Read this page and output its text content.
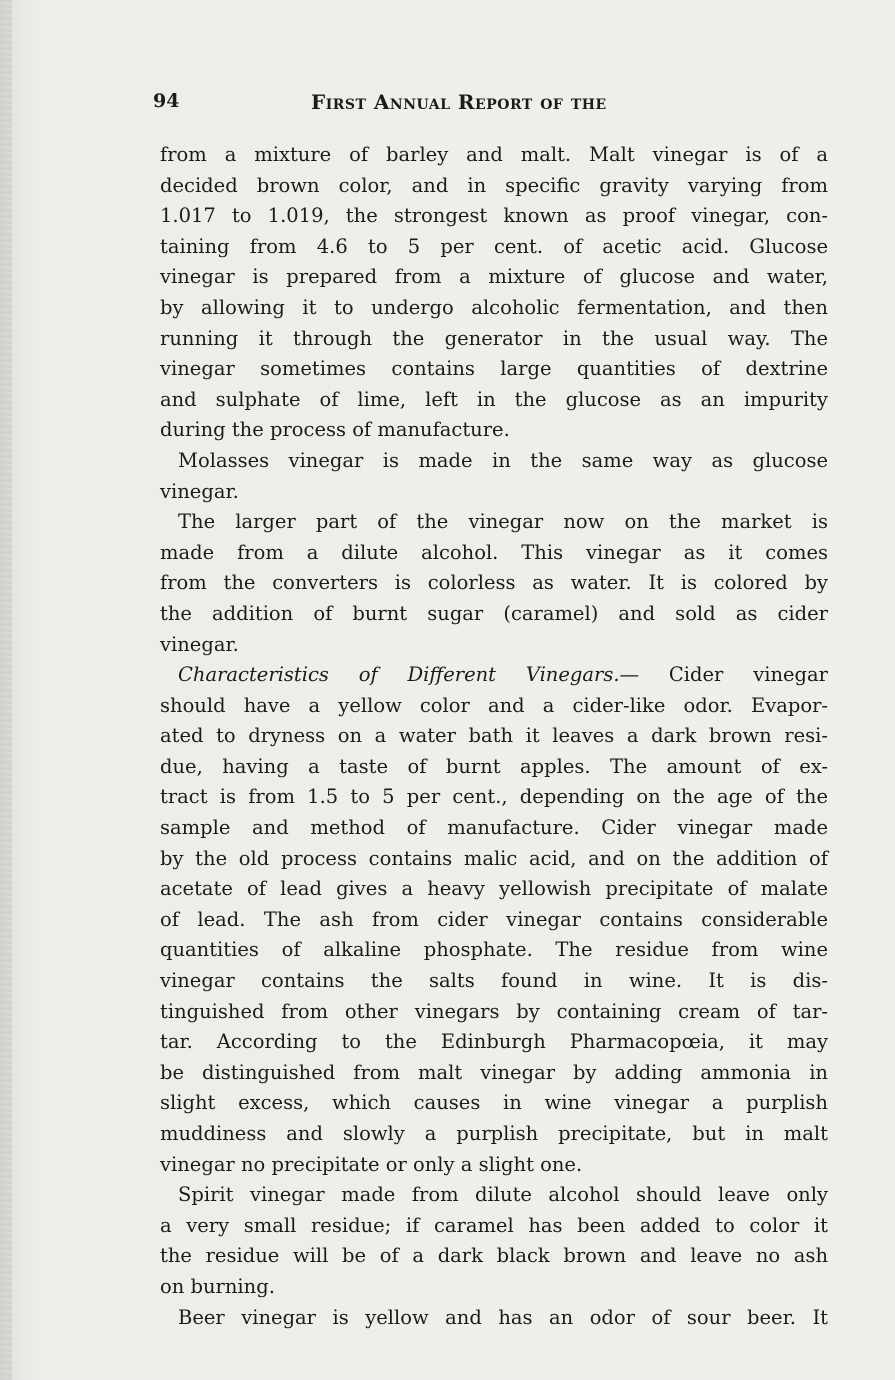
94	First Annual Report of the
from a mixture of barley and malt. Malt vinegar is of a
decided brown color, and in specific gravity varying from
1.017 to 1.019, the strongest known as proof vinegar, con-
taining from 4.6 to 5 per cent. of acetic acid. Glucose
vinegar is prepared from a mixture of glucose and water,
by allowing it to undergo alcoholic fermentation, and then
running it through the generator in the usual way. The
vinegar sometimes contains large quantities of dextrine
and sulphate of lime, left in the glucose as an impurity
during the process of manufacture.
Molasses vinegar is made in the same way as glucose
vinegar.
The larger part of the vinegar now on the market is
made from a dilute alcohol. This vinegar as it comes
from the converters is colorless as water. It is colored by
the addition of burnt sugar (caramel) and sold as cider
vinegar.
Characteristics of Different Vinegars.— Cider vinegar
should have a yellow color and a cider-like odor. Evapor-
ated to dryness on a water bath it leaves a dark brown resi-
due, having a taste of burnt apples. The amount of ex-
tract is from 1.5 to 5 per cent., depending on the age of the
sample and method of manufacture. Cider vinegar made
by the old process contains malic acid, and on the addition of
acetate of lead gives a heavy yellowish precipitate of malate
of lead. The ash from cider vinegar contains considerable
quantities of alkaline phosphate. The residue from wine
vinegar contains the salts found in wine. It is dis-
tinguished from other vinegars by containing cream of tar-
tar. According to the Edinburgh Pharmacopœia, it may
be distinguished from malt vinegar by adding ammonia in
slight excess, which causes in wine vinegar a purplish
muddiness and slowly a purplish precipitate, but in malt
vinegar no precipitate or only a slight one.
Spirit vinegar made from dilute alcohol should leave only
a very small residue; if caramel has been added to color it
the residue will be of a dark black brown and leave no ash
on burning.
Beer vinegar is yellow and has an odor of sour beer. It
